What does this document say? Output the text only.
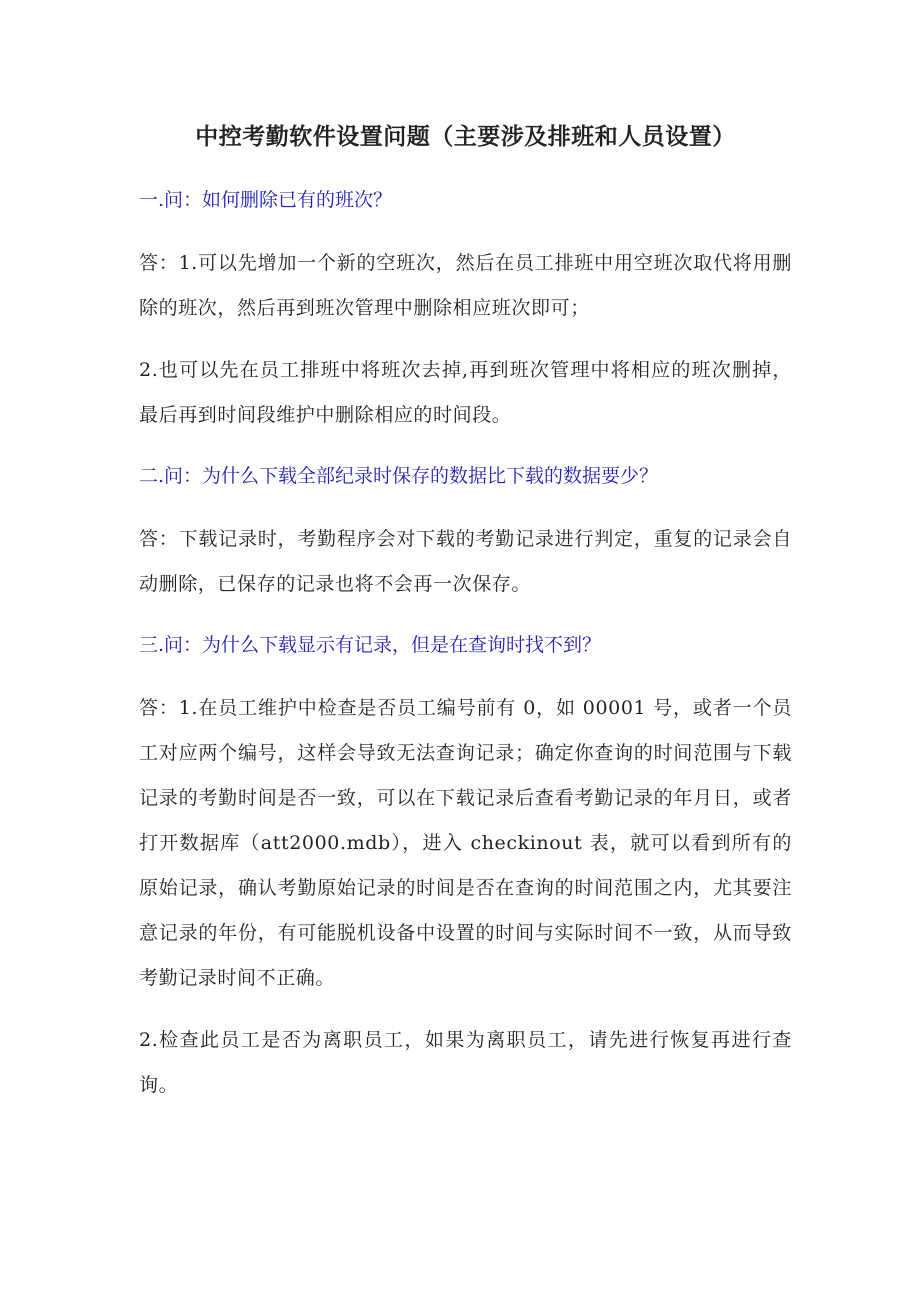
中控考勤软件设置问题（主要涉及排班和人员设置）
一.问：如何删除已有的班次？
答：1.可以先增加一个新的空班次，然后在员工排班中用空班次取代将用删除的班次，然后再到班次管理中删除相应班次即可；
2.也可以先在员工排班中将班次去掉,再到班次管理中将相应的班次删掉，最后再到时间段维护中删除相应的时间段。
二.问：为什么下载全部纪录时保存的数据比下载的数据要少？
答：下载记录时，考勤程序会对下载的考勤记录进行判定，重复的记录会自动删除，已保存的记录也将不会再一次保存。
三.问：为什么下载显示有记录，但是在查询时找不到？
答：1.在员工维护中检查是否员工编号前有 0，如 00001 号，或者一个员工对应两个编号，这样会导致无法查询记录；确定你查询的时间范围与下载记录的考勤时间是否一致，可以在下载记录后查看考勤记录的年月日，或者打开数据库（att2000.mdb），进入 checkinout 表，就可以看到所有的原始记录，确认考勤原始记录的时间是否在查询的时间范围之内，尤其要注意记录的年份，有可能脱机设备中设置的时间与实际时间不一致，从而导致考勤记录时间不正确。
2.检查此员工是否为离职员工，如果为离职员工，请先进行恢复再进行查询。
